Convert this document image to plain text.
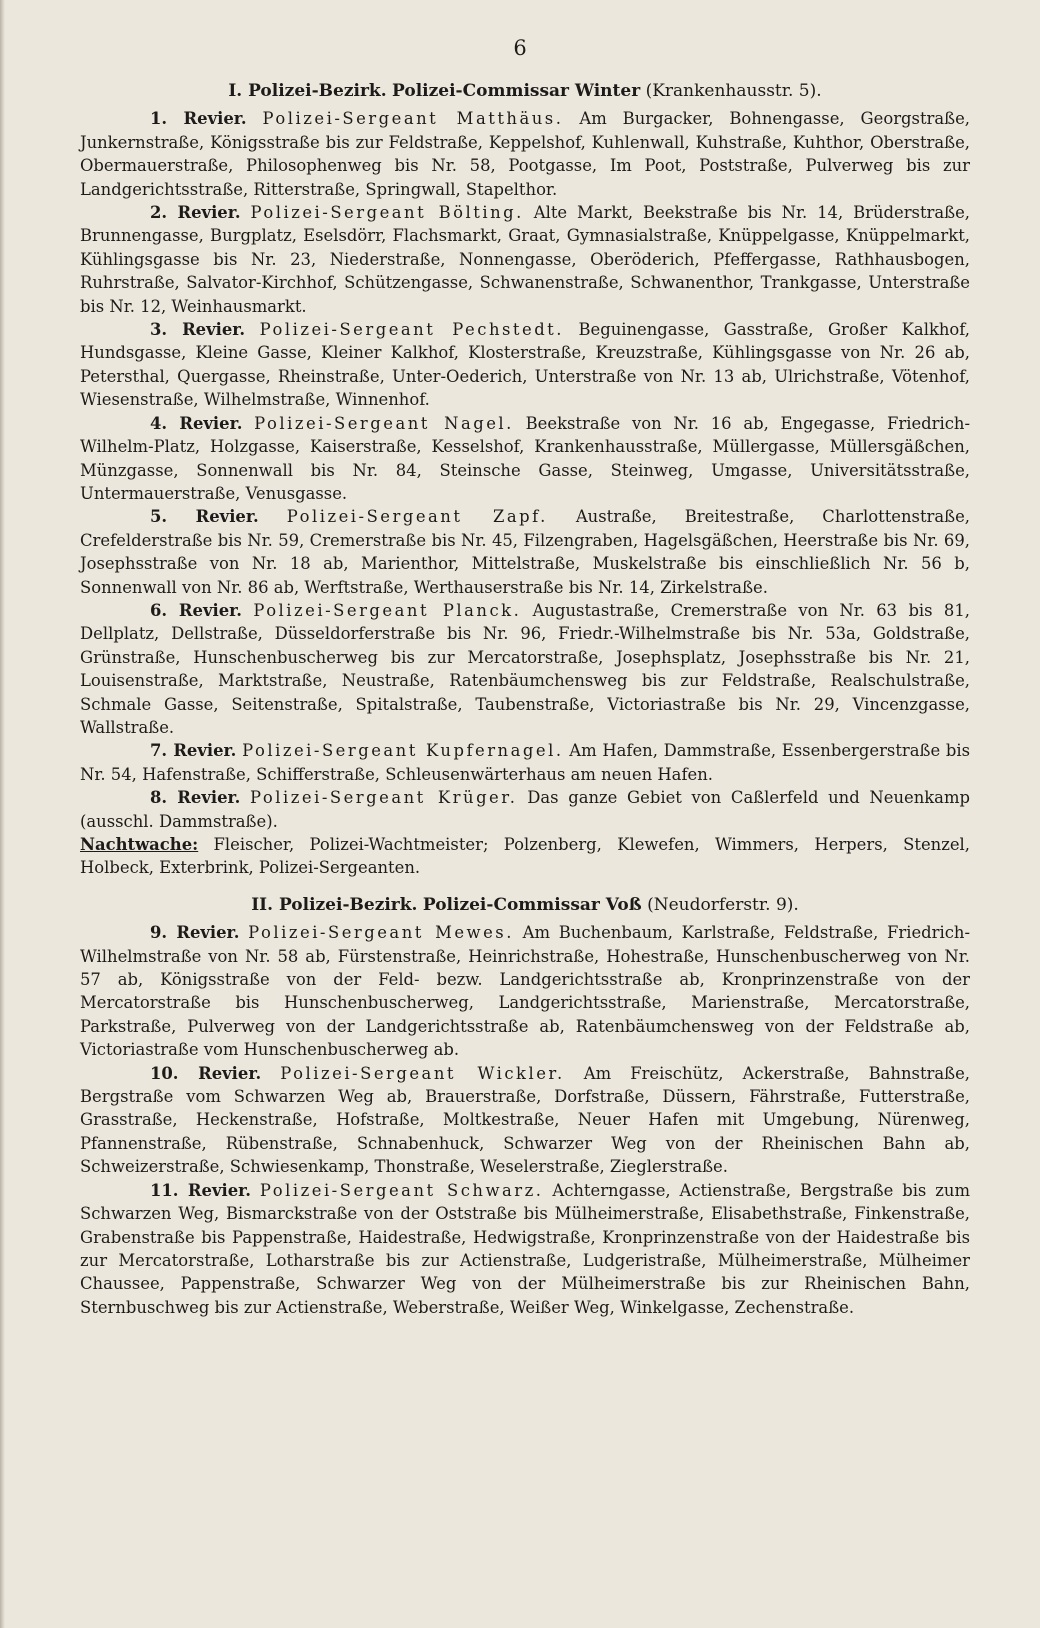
6
I. Polizei-Bezirk. Polizei-Commissar Winter (Krankenhausstr. 5).

1. Revier. Polizei-Sergeant Matthäus. Am Burgacker, Bohnengasse, Georgstraße, Junkernstraße, Königsstraße bis zur Feldstraße, Keppelshof, Kuhlenwall, Kuhstraße, Kuhthor, Oberstraße, Obermauerstraße, Philosophenweg bis Nr. 58, Pootgasse, Im Poot, Poststraße, Pulverweg bis zur Landgerichtsstraße, Ritterstraße, Springwall, Stapelthor.

2. Revier. Polizei-Sergeant Bölting. Alte Markt, Beekstraße bis Nr. 14, Brüderstraße, Brunnengasse, Burgplatz, Eselsdörr, Flachsmarkt, Graat, Gymnasialstraße, Knüppelgasse, Knüppelmarkt, Kühlingsgasse bis Nr. 23, Niederstraße, Nonnengasse, Oberöderich, Pfeffergasse, Rathhausbogen, Ruhrstraße, Salvator-Kirchhof, Schützengasse, Schwanenstraße, Schwanenthor, Trankgasse, Unterstraße bis Nr. 12, Weinhausmarkt.

3. Revier. Polizei-Sergeant Pechstedt. Beguinengasse, Gasstraße, Großer Kalkhof, Hundsgasse, Kleine Gasse, Kleiner Kalkhof, Klosterstraße, Kreuzstraße, Kühlingsgasse von Nr. 26 ab, Petersthal, Quergasse, Rheinstraße, Unter-Oederich, Unterstraße von Nr. 13 ab, Ulrichstraße, Vötenhof, Wiesenstraße, Wilhelmstraße, Winnenhof.

4. Revier. Polizei-Sergeant Nagel. Beekstraße von Nr. 16 ab, Engegasse, Friedrich-Wilhelm-Platz, Holzgasse, Kaiserstraße, Kesselshof, Krankenhausstraße, Müllergasse, Müllersgäßchen, Münzgasse, Sonnenwall bis Nr. 84, Steinsche Gasse, Steinweg, Umgasse, Universitätsstraße, Untermauerstraße, Venusgasse.

5. Revier. Polizei-Sergeant Zapf. Austraße, Breitestraße, Charlottenstraße, Crefelderstraße bis Nr. 59, Cremerstraße bis Nr. 45, Filzengraben, Hagelsgäßchen, Heerstraße bis Nr. 69, Josephsstraße von Nr. 18 ab, Marienthor, Mittelstraße, Muskelstraße bis einschließlich Nr. 56 b, Sonnenwall von Nr. 86 ab, Werftstraße, Werthauserstraße bis Nr. 14, Zirkelstraße.

6. Revier. Polizei-Sergeant Planck. Augustastraße, Cremerstraße von Nr. 63 bis 81, Dellplatz, Dellstraße, Düsseldorferstraße bis Nr. 96, Friedr.-Wilhelmstraße bis Nr. 53a, Goldstraße, Grünstraße, Hunschenbuscherweg bis zur Mercatorstraße, Josephsplatz, Josephsstraße bis Nr. 21, Louisenstraße, Marktstraße, Neustraße, Ratenbäumchensweg bis zur Feldstraße, Realschulstraße, Schmale Gasse, Seitenstraße, Spitalstraße, Taubenstraße, Victoriastraße bis Nr. 29, Vincenzgasse, Wallstraße.

7. Revier. Polizei-Sergeant Kupfernagel. Am Hafen, Dammstraße, Essenbergerstraße bis Nr. 54, Hafenstraße, Schifferstraße, Schleusenwärterhaus am neuen Hafen.

8. Revier. Polizei-Sergeant Krüger. Das ganze Gebiet von Caßlerfeld und Neuenkamp (ausschl. Dammstraße).

Nachtwache: Fleischer, Polizei-Wachtmeister; Polzenberg, Klewefen, Wimmers, Herpers, Stenzel, Holbeck, Exterbrink, Polizei-Sergeanten.

II. Polizei-Bezirk. Polizei-Commissar Voß (Neudorferstr. 9).

9. Revier. Polizei-Sergeant Mewes. Am Buchenbaum, Karlstraße, Feldstraße, Friedrich-Wilhelmstraße von Nr. 58 ab, Fürstenstraße, Heinrichstraße, Hohestraße, Hunschenbuscherweg von Nr. 57 ab, Königsstraße von der Feld- bezw. Landgerichtsstraße ab, Kronprinzenstraße von der Mercatorstraße bis Hunschenbuscherweg, Landgerichtsstraße, Marienstraße, Mercatorstraße, Parkstraße, Pulverweg von der Landgerichtsstraße ab, Ratenbäumchensweg von der Feldstraße ab, Victoriastraße vom Hunschenbuscherweg ab.

10. Revier. Polizei-Sergeant Wickler. Am Freischütz, Ackerstraße, Bahnstraße, Bergstraße vom Schwarzen Weg ab, Brauerstraße, Dorfstraße, Düssern, Fährstraße, Futterstraße, Grasstraße, Heckenstraße, Hofstraße, Moltkestraße, Neuer Hafen mit Umgebung, Nürenweg, Pfannenstraße, Rübenstraße, Schnabenhuck, Schwarzer Weg von der Rheinischen Bahn ab, Schweizerstraße, Schwiesenkamp, Thonstraße, Weselerstraße, Zieglerstraße.

11. Revier. Polizei-Sergeant Schwarz. Achterngasse, Actienstraße, Bergstraße bis zum Schwarzen Weg, Bismarckstraße von der Oststraße bis Mülheimerstraße, Elisabethstraße, Finkenstraße, Grabenstraße bis Pappenstraße, Haidestraße, Hedwigstraße, Kronprinzenstraße von der Haidestraße bis zur Mercatorstraße, Lotharstraße bis zur Actienstraße, Ludgeristraße, Mülheimerstraße, Mülheimer Chaussee, Pappenstraße, Schwarzer Weg von der Mülheimerstraße bis zur Rheinischen Bahn, Sternbuschweg bis zur Actienstraße, Weberstraße, Weißer Weg, Winkelgasse, Zechenstraße.
